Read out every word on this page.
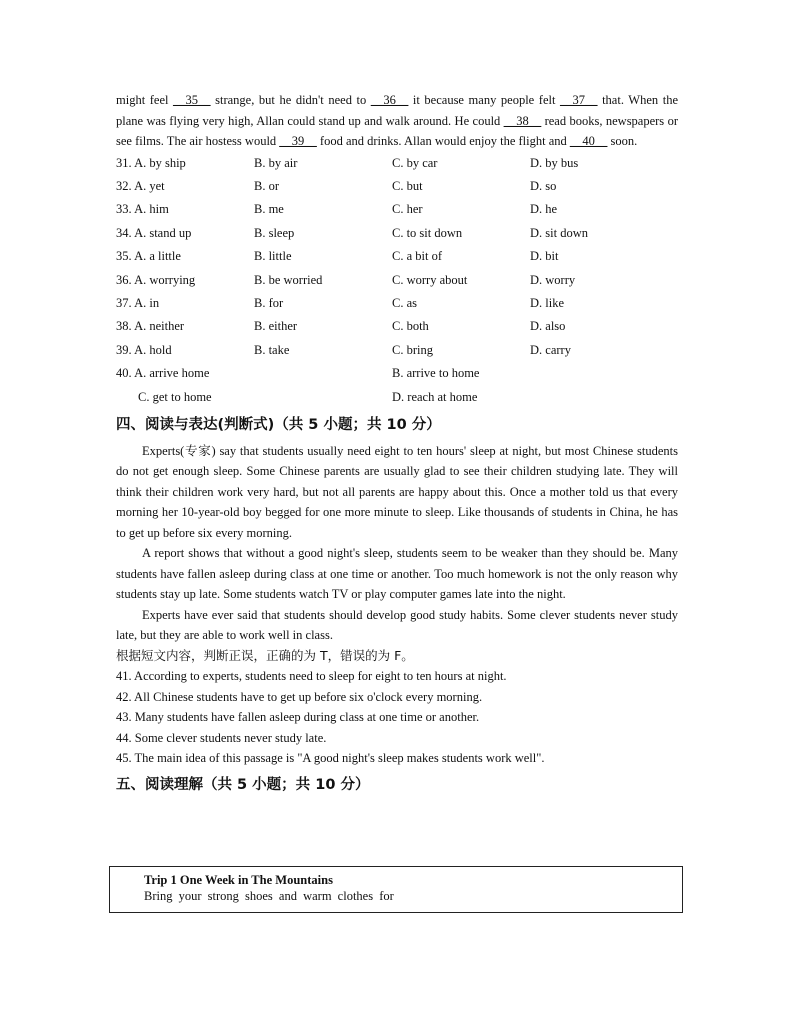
might feel __35__ strange, but he didn't need to __36__ it because many people felt __37__ that. When the plane was flying very high, Allan could stand up and walk around. He could __38__ read books, newspapers or see films. The air hostess would __39__ food and drinks. Allan would enjoy the flight and __40__ soon.

31. A. by ship	B. by air	C. by car	D. by bus
32. A. yet	B. or	C. but	D. so
33. A. him	B. me	C. her	D. he
34. A. stand up	B. sleep	C. to sit down	D. sit down
35. A. a little	B. little	C. a bit of	D. bit
36. A. worrying	B. be worried	C. worry about	D. worry
37. A. in	B. for	C. as	D. like
38. A. neither	B. either	C. both	D. also
39. A. hold	B. take	C. bring	D. carry
40. A. arrive home	B. arrive to home
C. get to home	D. reach at home
四、阅读与表达(判断式)（共 5 小题；共 10 分）

Experts(专家) say that students usually need eight to ten hours' sleep at night, but most Chinese students do not get enough sleep. Some Chinese parents are usually glad to see their children studying late. They will think their children work very hard, but not all parents are happy about this. Once a mother told us that every morning her 10-year-old boy begged for one more minute to sleep. Like thousands of students in China, he has to get up before six every morning.

A report shows that without a good night's sleep, students seem to be weaker than they should be. Many students have fallen asleep during class at one time or another. Too much homework is not the only reason why students stay up late. Some students watch TV or play computer games late into the night.

Experts have ever said that students should develop good study habits. Some clever students never study late, but they are able to work well in class.

根据短文内容，判断正误，正确的为 T，错误的为 F。

41. According to experts, students need to sleep for eight to ten hours at night.

42. All Chinese students have to get up before six o'clock every morning.

43. Many students have fallen asleep during class at one time or another.

44. Some clever students never study late.

45. The main idea of this passage is "A good night's sleep makes students work well".

五、阅读理解（共 5 小题；共 10 分）
Trip 1 One Week in The Mountains
Bring your strong shoes and warm clothes for
